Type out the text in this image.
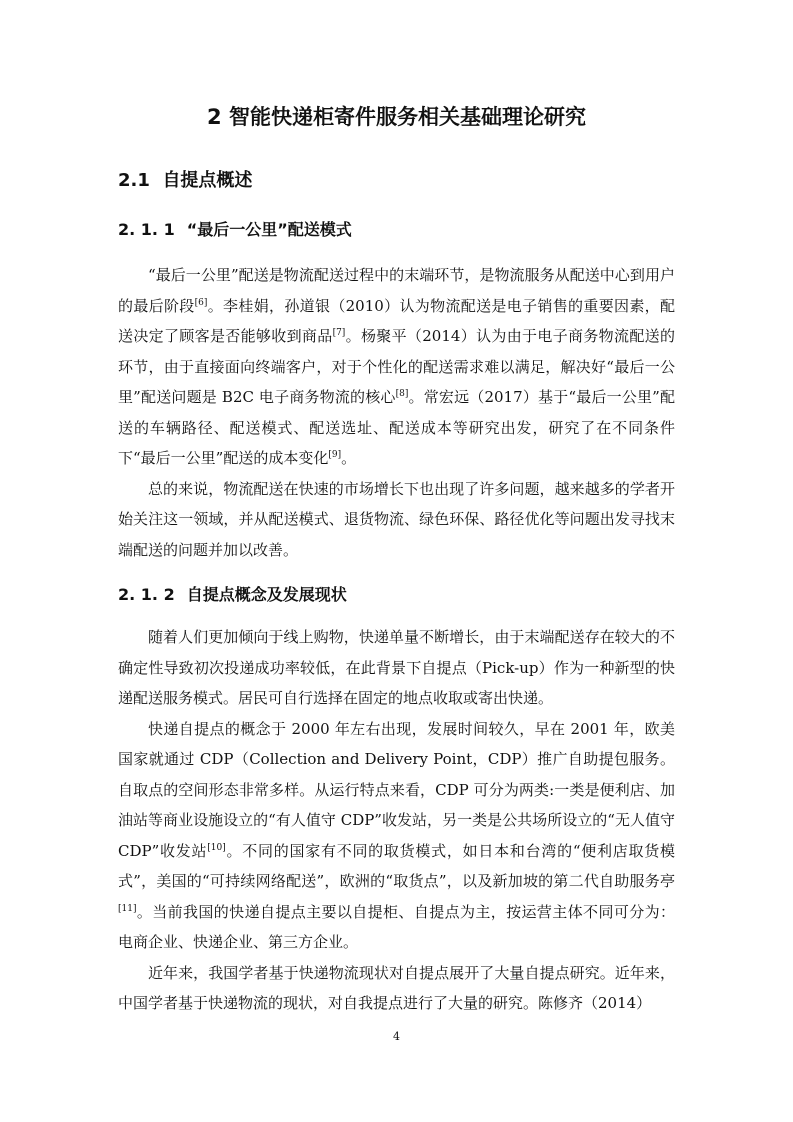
2 智能快递柜寄件服务相关基础理论研究
2.1 自提点概述
2. 1. 1 “最后一公里”配送模式

“最后一公里”配送是物流配送过程中的末端环节，是物流服务从配送中心到用户的最后阶段[6]。李桂娟，孙道银（2010）认为物流配送是电子销售的重要因素，配送决定了顾客是否能够收到商品[7]。杨聚平（2014）认为由于电子商务物流配送的环节，由于直接面向终端客户，对于个性化的配送需求难以满足，解决好“最后一公里”配送问题是 B2C 电子商务物流的核心[8]。常宏远（2017）基于“最后一公里”配送的车辆路径、配送模式、配送选址、配送成本等研究出发，研究了在不同条件下“最后一公里”配送的成本变化[9]。

总的来说，物流配送在快速的市场增长下也出现了许多问题，越来越多的学者开始关注这一领域，并从配送模式、退货物流、绿色环保、路径优化等问题出发寻找末端配送的问题并加以改善。

2. 1. 2 自提点概念及发展现状

随着人们更加倾向于线上购物，快递单量不断增长，由于末端配送存在较大的不确定性导致初次投递成功率较低，在此背景下自提点（Pick-up）作为一种新型的快递配送服务模式。居民可自行选择在固定的地点收取或寄出快递。

快递自提点的概念于 2000 年左右出现，发展时间较久，早在 2001 年，欧美国家就通过 CDP（Collection and Delivery Point，CDP）推广自助提包服务。自取点的空间形态非常多样。从运行特点来看，CDP 可分为两类:一类是便利店、加油站等商业设施设立的“有人值守 CDP”收发站，另一类是公共场所设立的“无人值守 CDP”收发站[10]。不同的国家有不同的取货模式，如日本和台湾的“便利店取货模式”，美国的“可持续网络配送”，欧洲的“取货点”，以及新加坡的第二代自助服务亭[11]。当前我国的快递自提点主要以自提柜、自提点为主，按运营主体不同可分为：电商企业、快递企业、第三方企业。

近年来，我国学者基于快递物流现状对自提点展开了大量自提点研究。近年来，中国学者基于快递物流的现状，对自我提点进行了大量的研究。陈修齐（2014）

4
